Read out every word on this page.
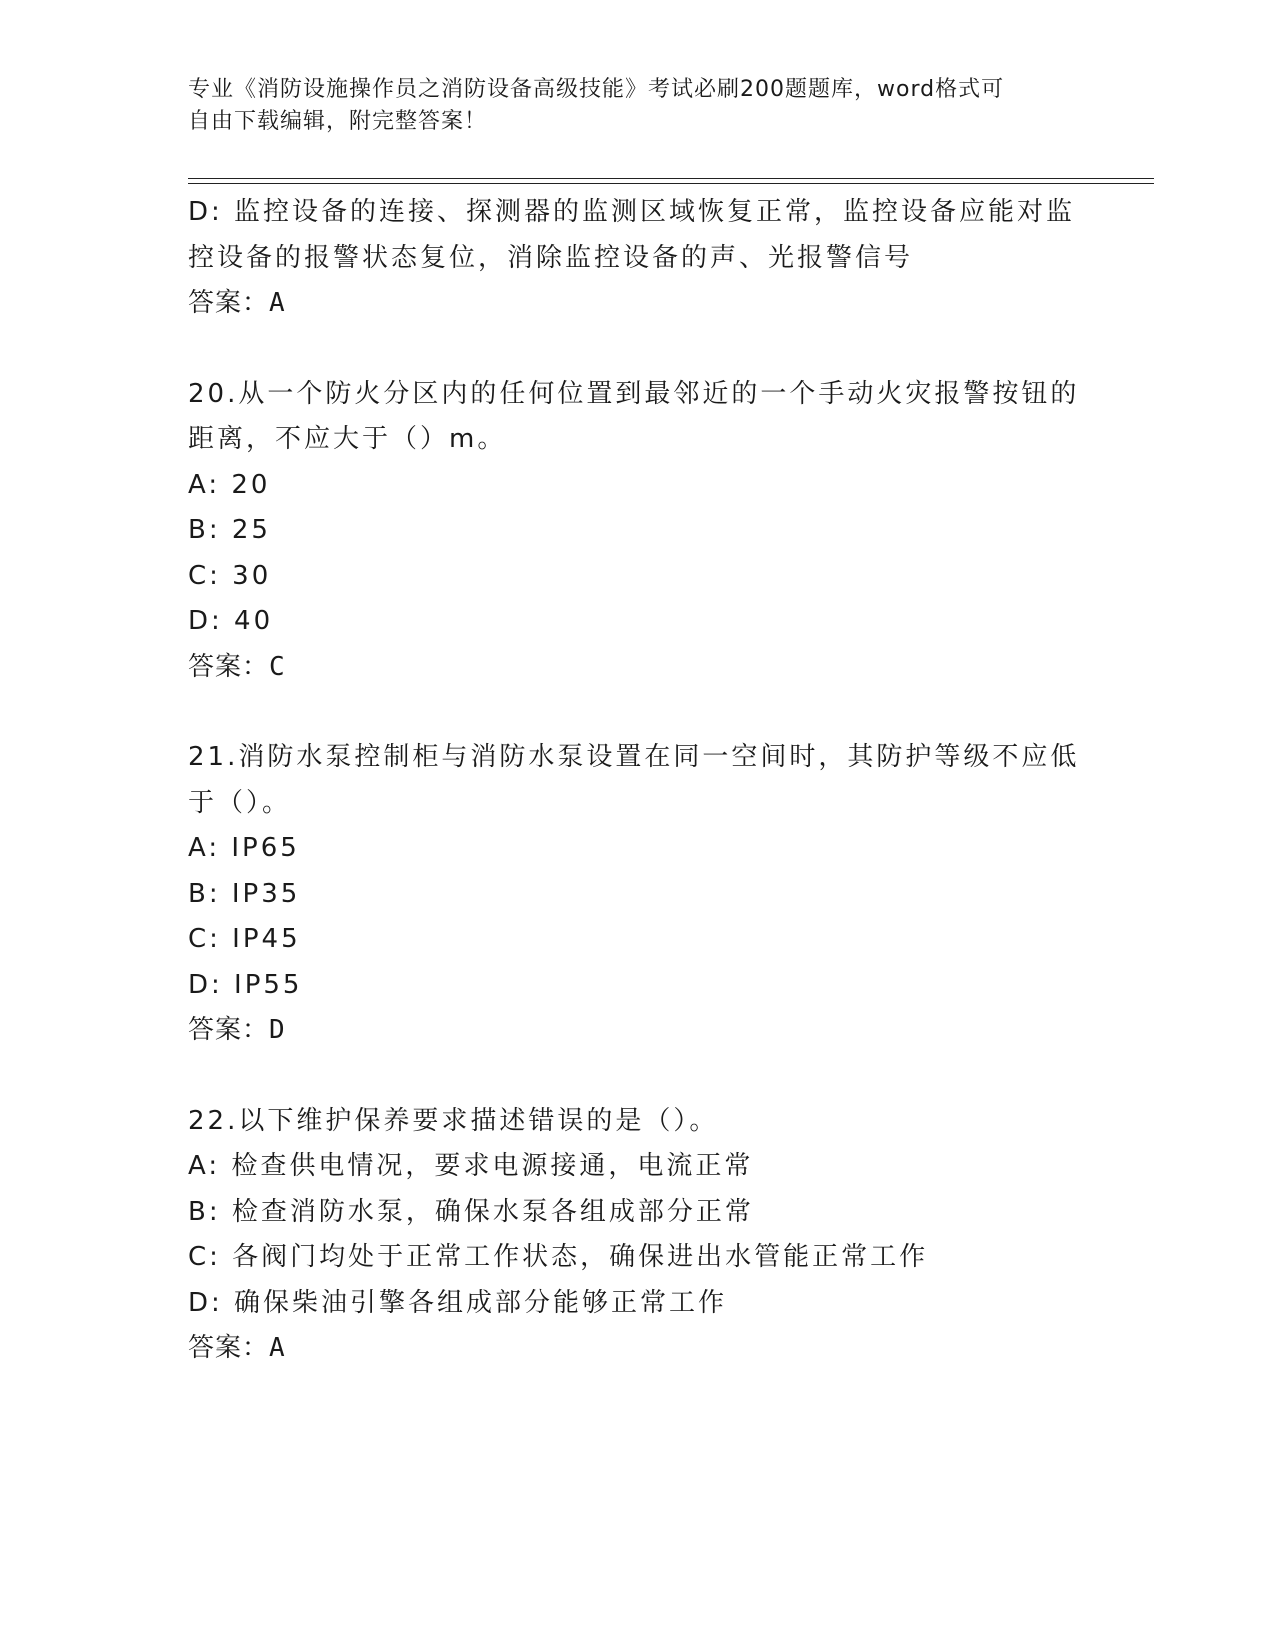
专业《消防设施操作员之消防设备高级技能》考试必刷200题题库，word格式可
自由下载编辑，附完整答案！
D: 监控设备的连接、探测器的监测区域恢复正常，监控设备应能对监
控设备的报警状态复位，消除监控设备的声、光报警信号
答案：A
20.从一个防火分区内的任何位置到最邻近的一个手动火灾报警按钮的
距离，不应大于（）m。
A: 20
B: 25
C: 30
D: 40
答案：C
21.消防水泵控制柜与消防水泵设置在同一空间时，其防护等级不应低
于（）。
A: IP65
B: IP35
C: IP45
D: IP55
答案：D
22.以下维护保养要求描述错误的是（）。
A: 检查供电情况，要求电源接通，电流正常
B: 检查消防水泵，确保水泵各组成部分正常
C: 各阀门均处于正常工作状态，确保进出水管能正常工作
D: 确保柴油引擎各组成部分能够正常工作
答案：A
